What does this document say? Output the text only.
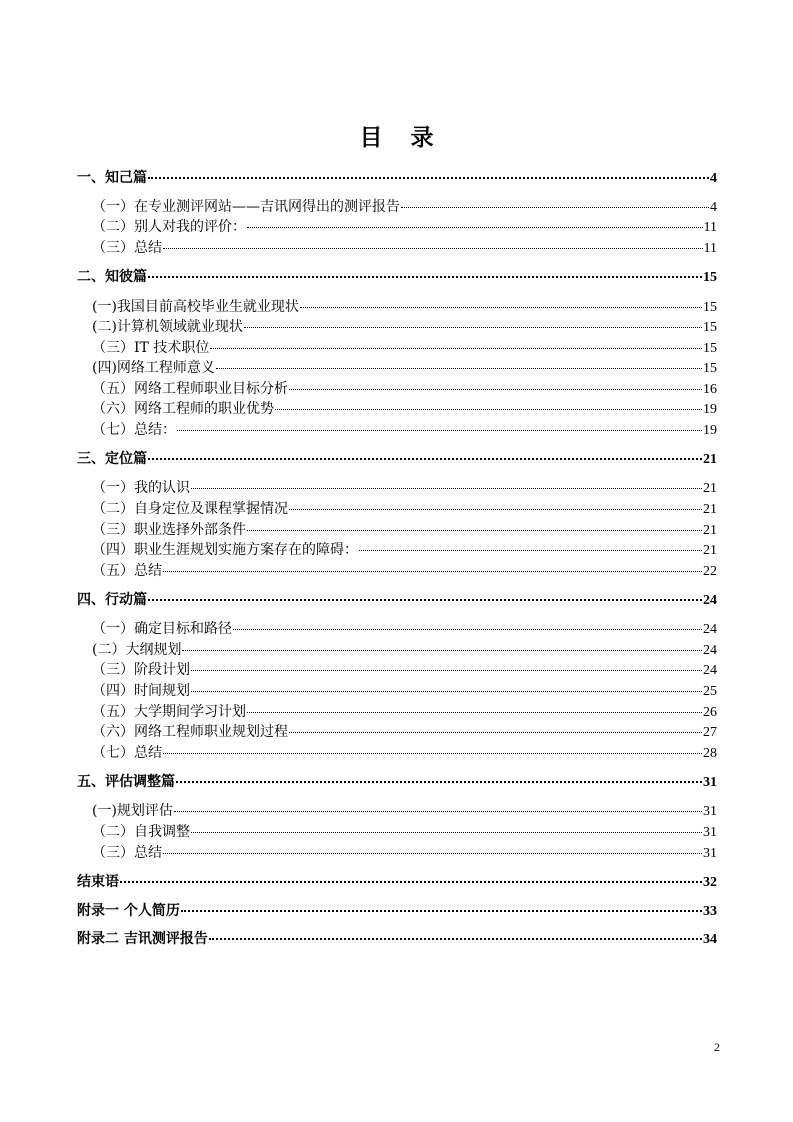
目 录
一、知己篇	4
（一）在专业测评网站——吉讯网得出的测评报告	4
（二）别人对我的评价：	11
（三）总结	11
二、知彼篇	15
(一)我国目前高校毕业生就业现状	15
(二)计算机领域就业现状	15
（三）IT 技术职位	15
(四)网络工程师意义	15
（五）网络工程师职业目标分析	16
（六）网络工程师的职业优势	19
（七）总结：	19
三、定位篇	21
（一）我的认识	21
（二）自身定位及课程掌握情况	21
（三）职业选择外部条件	21
（四）职业生涯规划实施方案存在的障碍：	21
（五）总结	22
四、行动篇	24
（一）确定目标和路径	24
(二）大纲规划	24
（三）阶段计划	24
（四）时间规划	25
（五）大学期间学习计划	26
（六）网络工程师职业规划过程	27
（七）总结	28
五、评估调整篇	31
(一)规划评估	31
（二）自我调整	31
（三）总结	31
结束语	32
附录一 个人简历	33
附录二 吉讯测评报告	34
2
